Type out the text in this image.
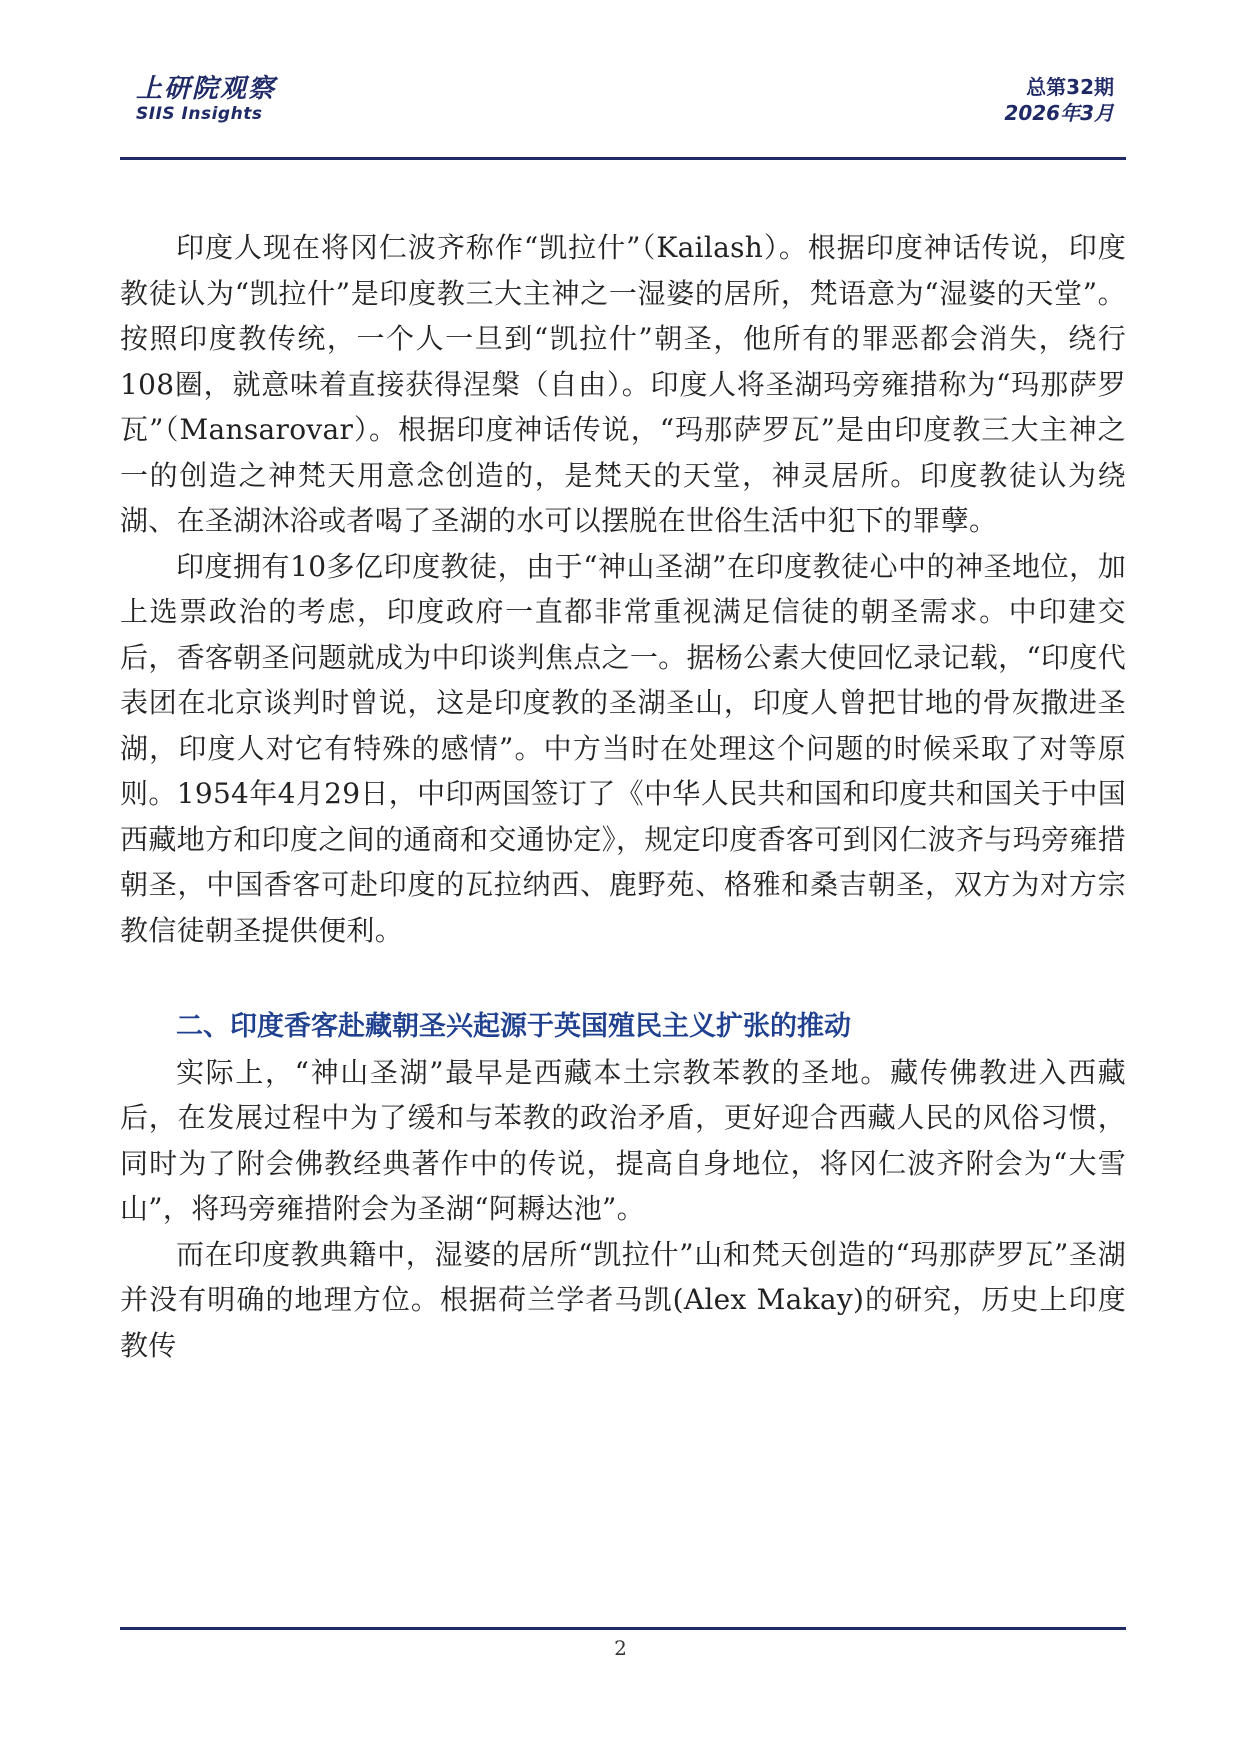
上研院观察
SIIS Insights
总第32期
2026年3月

印度人现在将冈仁波齐称作“凯拉什”（Kailash）。根据印度神话传说，印度教徒认为“凯拉什”是印度教三大主神之一湿婆的居所，梵语意为“湿婆的天堂”。按照印度教传统，一个人一旦到“凯拉什”朝圣，他所有的罪恶都会消失，绕行108圈，就意味着直接获得涅槃（自由）。印度人将圣湖玛旁雍措称为“玛那萨罗瓦”（Mansarovar）。根据印度神话传说，“玛那萨罗瓦”是由印度教三大主神之一的创造之神梵天用意念创造的，是梵天的天堂，神灵居所。印度教徒认为绕湖、在圣湖沐浴或者喝了圣湖的水可以摆脱在世俗生活中犯下的罪孽。

印度拥有10多亿印度教徒，由于“神山圣湖”在印度教徒心中的神圣地位，加上选票政治的考虑，印度政府一直都非常重视满足信徒的朝圣需求。中印建交后，香客朝圣问题就成为中印谈判焦点之一。据杨公素大使回忆录记载，“印度代表团在北京谈判时曾说，这是印度教的圣湖圣山，印度人曾把甘地的骨灰撒进圣湖，印度人对它有特殊的感情”。中方当时在处理这个问题的时候采取了对等原则。1954年4月29日，中印两国签订了《中华人民共和国和印度共和国关于中国西藏地方和印度之间的通商和交通协定》，规定印度香客可到冈仁波齐与玛旁雍措朝圣，中国香客可赴印度的瓦拉纳西、鹿野苑、格雅和桑吉朝圣，双方为对方宗教信徒朝圣提供便利。

二、印度香客赴藏朝圣兴起源于英国殖民主义扩张的推动

实际上，“神山圣湖”最早是西藏本土宗教苯教的圣地。藏传佛教进入西藏后，在发展过程中为了缓和与苯教的政治矛盾，更好迎合西藏人民的风俗习惯，同时为了附会佛教经典著作中的传说，提高自身地位，将冈仁波齐附会为“大雪山”，将玛旁雍措附会为圣湖“阿耨达池”。

而在印度教典籍中，湿婆的居所“凯拉什”山和梵天创造的“玛那萨罗瓦”圣湖并没有明确的地理方位。根据荷兰学者马凯(Alex Makay)的研究，历史上印度教传

2
